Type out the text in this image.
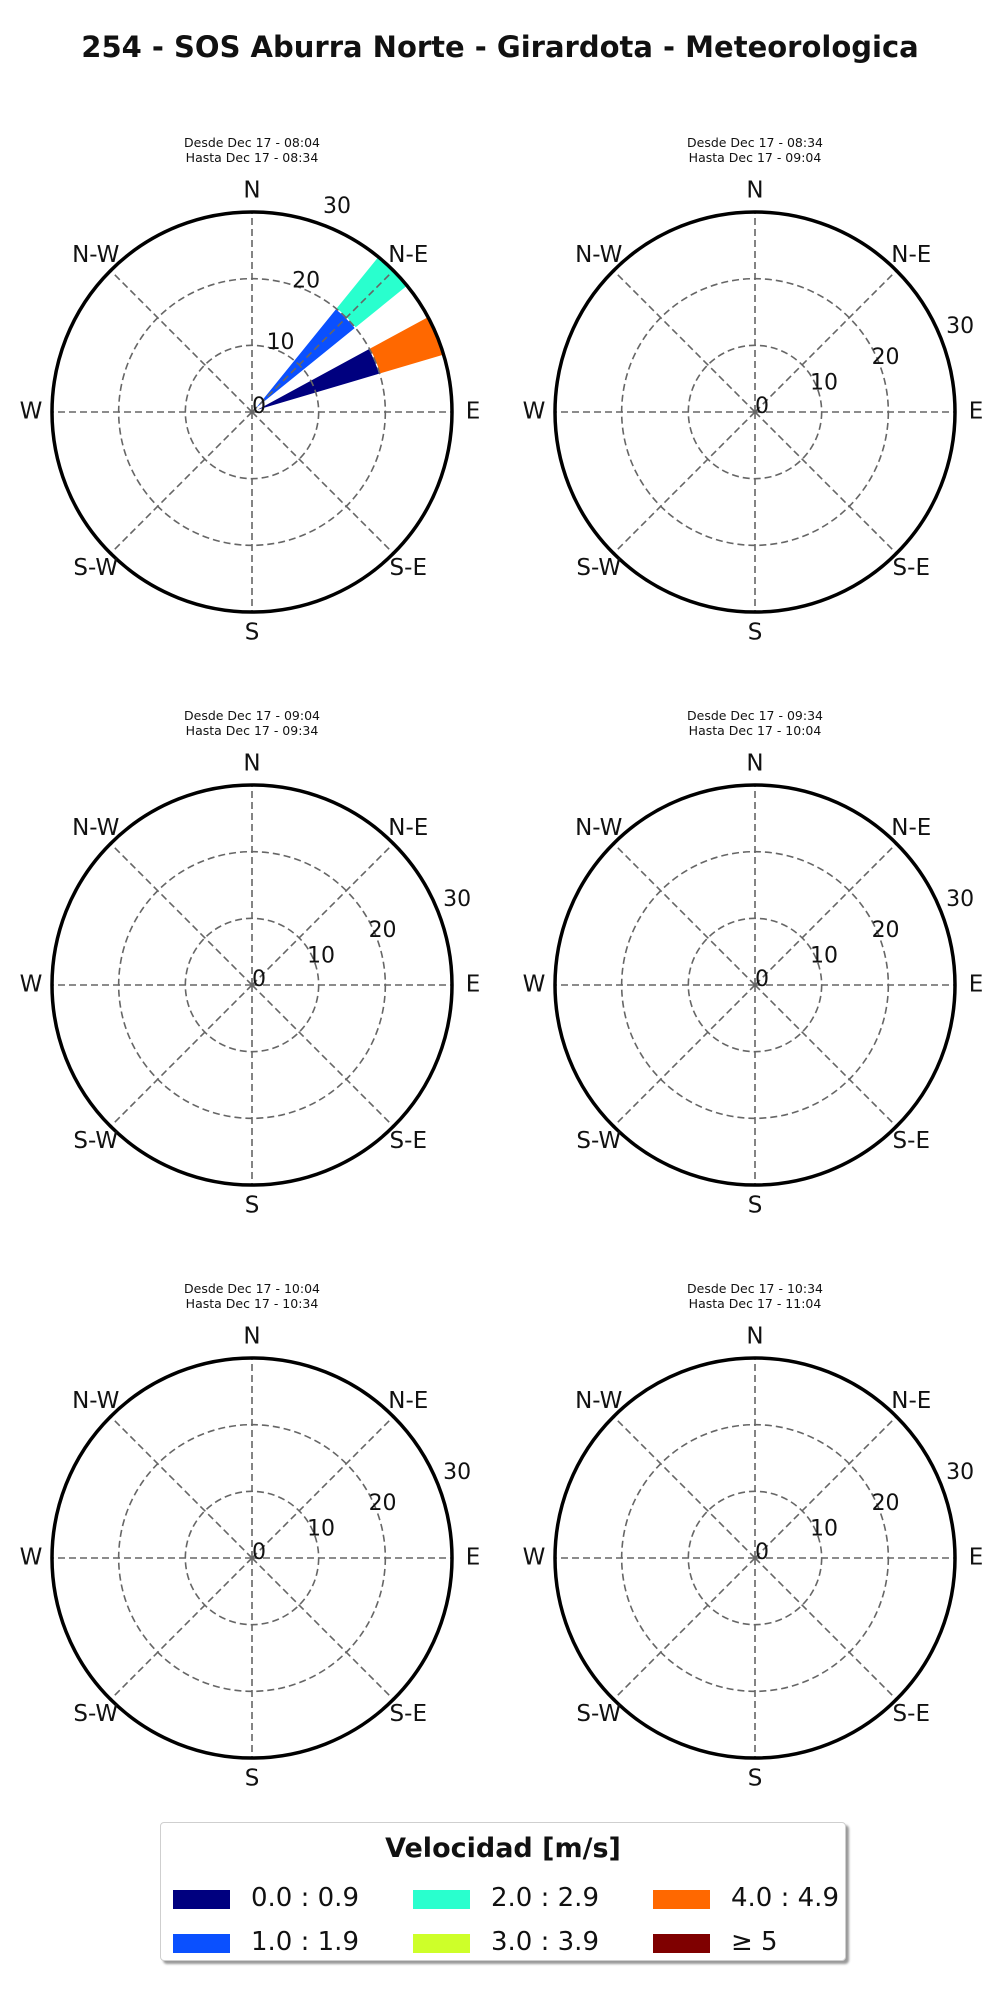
254 - SOS Aburra Norte - Girardota - Meteorologica
Desde Dec 17 - 08:04
Hasta Dec 17 - 08:34
Desde Dec 17 - 08:34
Hasta Dec 17 - 09:04
Desde Dec 17 - 09:04
Hasta Dec 17 - 09:34
Desde Dec 17 - 09:34
Hasta Dec 17 - 10:04
Desde Dec 17 - 10:04
Hasta Dec 17 - 10:34
Desde Dec 17 - 10:34
Hasta Dec 17 - 11:04
0
10
20
30
N
N-E
E
S-E
S
S-W
W
N-W
0
10
20
30
N
N-E
E
S-E
S
S-W
W
N-W
0
10
20
30
N
N-E
E
S-E
S
S-W
W
N-W
0
10
20
30
N
N-E
E
S-E
S
S-W
W
N-W
0
10
20
30
N
N-E
E
S-E
S
S-W
W
N-W
0
10
20
30
N
N-E
E
S-E
S
S-W
W
N-W
Velocidad [m/s]
0.0 : 0.9
1.0 : 1.9
2.0 : 2.9
3.0 : 3.9
4.0 : 4.9
≥ 5
